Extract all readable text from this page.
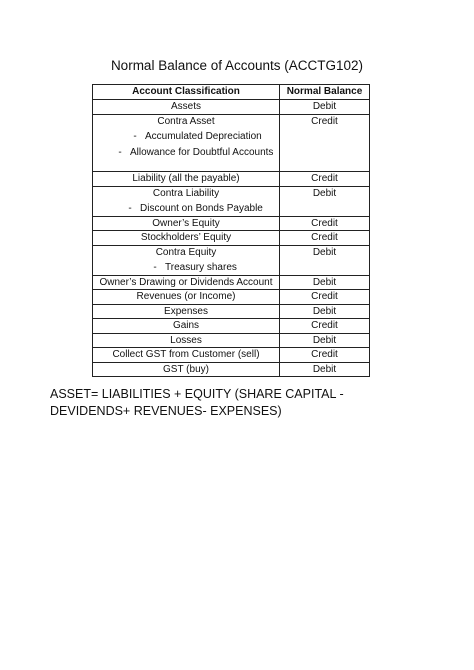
Normal Balance of Accounts (ACCTG102)
Account Classification	Normal Balance

Assets	Debit

Contra Asset
- Accumulated Depreciation
- Allowance for Doubtful Accounts	Credit

Liability (all the payable)	Credit

Contra Liability
- Discount on Bonds Payable	Debit

Owner’s Equity	Credit

Stockholders’ Equity	Credit

Contra Equity
- Treasury shares	Debit

Owner’s Drawing or Dividends Account	Debit

Revenues (or Income)	Credit

Expenses	Debit

Gains	Credit

Losses	Debit

Collect GST from Customer (sell)	Credit

GST (buy)	Debit
ASSET= LIABILITIES + EQUITY (SHARE CAPITAL -DEVIDENDS+ REVENUES- EXPENSES)
